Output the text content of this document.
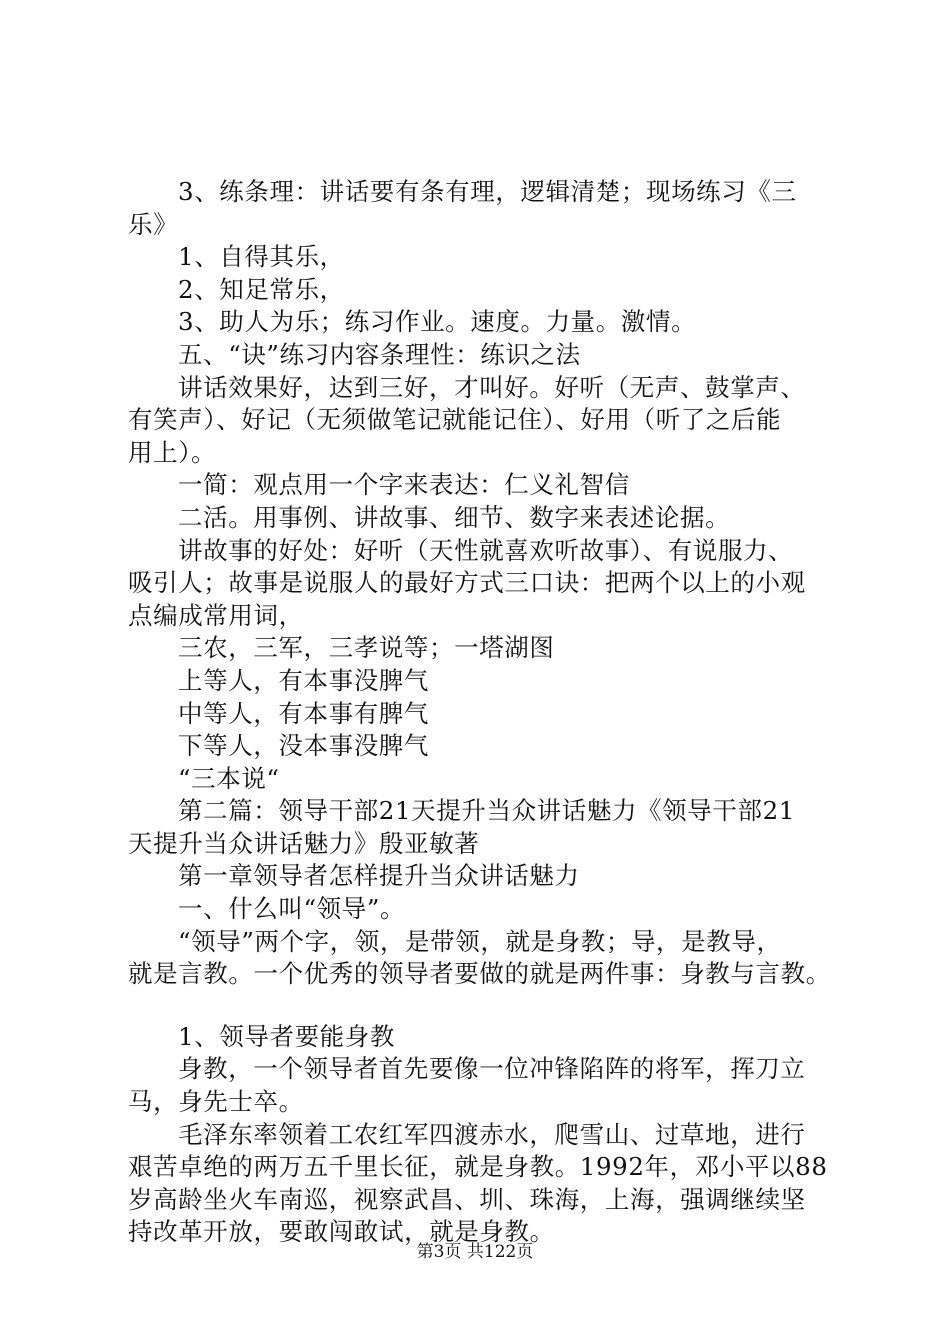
3、练条理：讲话要有条有理，逻辑清楚；现场练习《三
乐》
1、自得其乐，
2、知足常乐，
3、助人为乐；练习作业。速度。力量。激情。
五、“诀”练习内容条理性：练识之法
讲话效果好，达到三好，才叫好。好听（无声、鼓掌声、
有笑声）、好记（无须做笔记就能记住）、好用（听了之后能
用上）。
一简：观点用一个字来表达：仁义礼智信
二活。用事例、讲故事、细节、数字来表述论据。
讲故事的好处：好听（天性就喜欢听故事）、有说服力、
吸引人；故事是说服人的最好方式三口诀：把两个以上的小观
点编成常用词，
三农，三军，三孝说等；一塔湖图
上等人，有本事没脾气
中等人，有本事有脾气
下等人，没本事没脾气
“三本说“
第二篇：领导干部21天提升当众讲话魅力《领导干部21
天提升当众讲话魅力》殷亚敏著
第一章领导者怎样提升当众讲话魅力
一、什么叫“领导”。
“领导”两个字，领，是带领，就是身教；导，是教导，
就是言教。一个优秀的领导者要做的就是两件事：身教与言教。
1、领导者要能身教
身教，一个领导者首先要像一位冲锋陷阵的将军，挥刀立
马，身先士卒。
毛泽东率领着工农红军四渡赤水，爬雪山、过草地，进行
艰苦卓绝的两万五千里长征，就是身教。1992年，邓小平以88
岁高龄坐火车南巡，视察武昌、圳、珠海，上海，强调继续坚
持改革开放，要敢闯敢试，就是身教。
第3页 共122页
